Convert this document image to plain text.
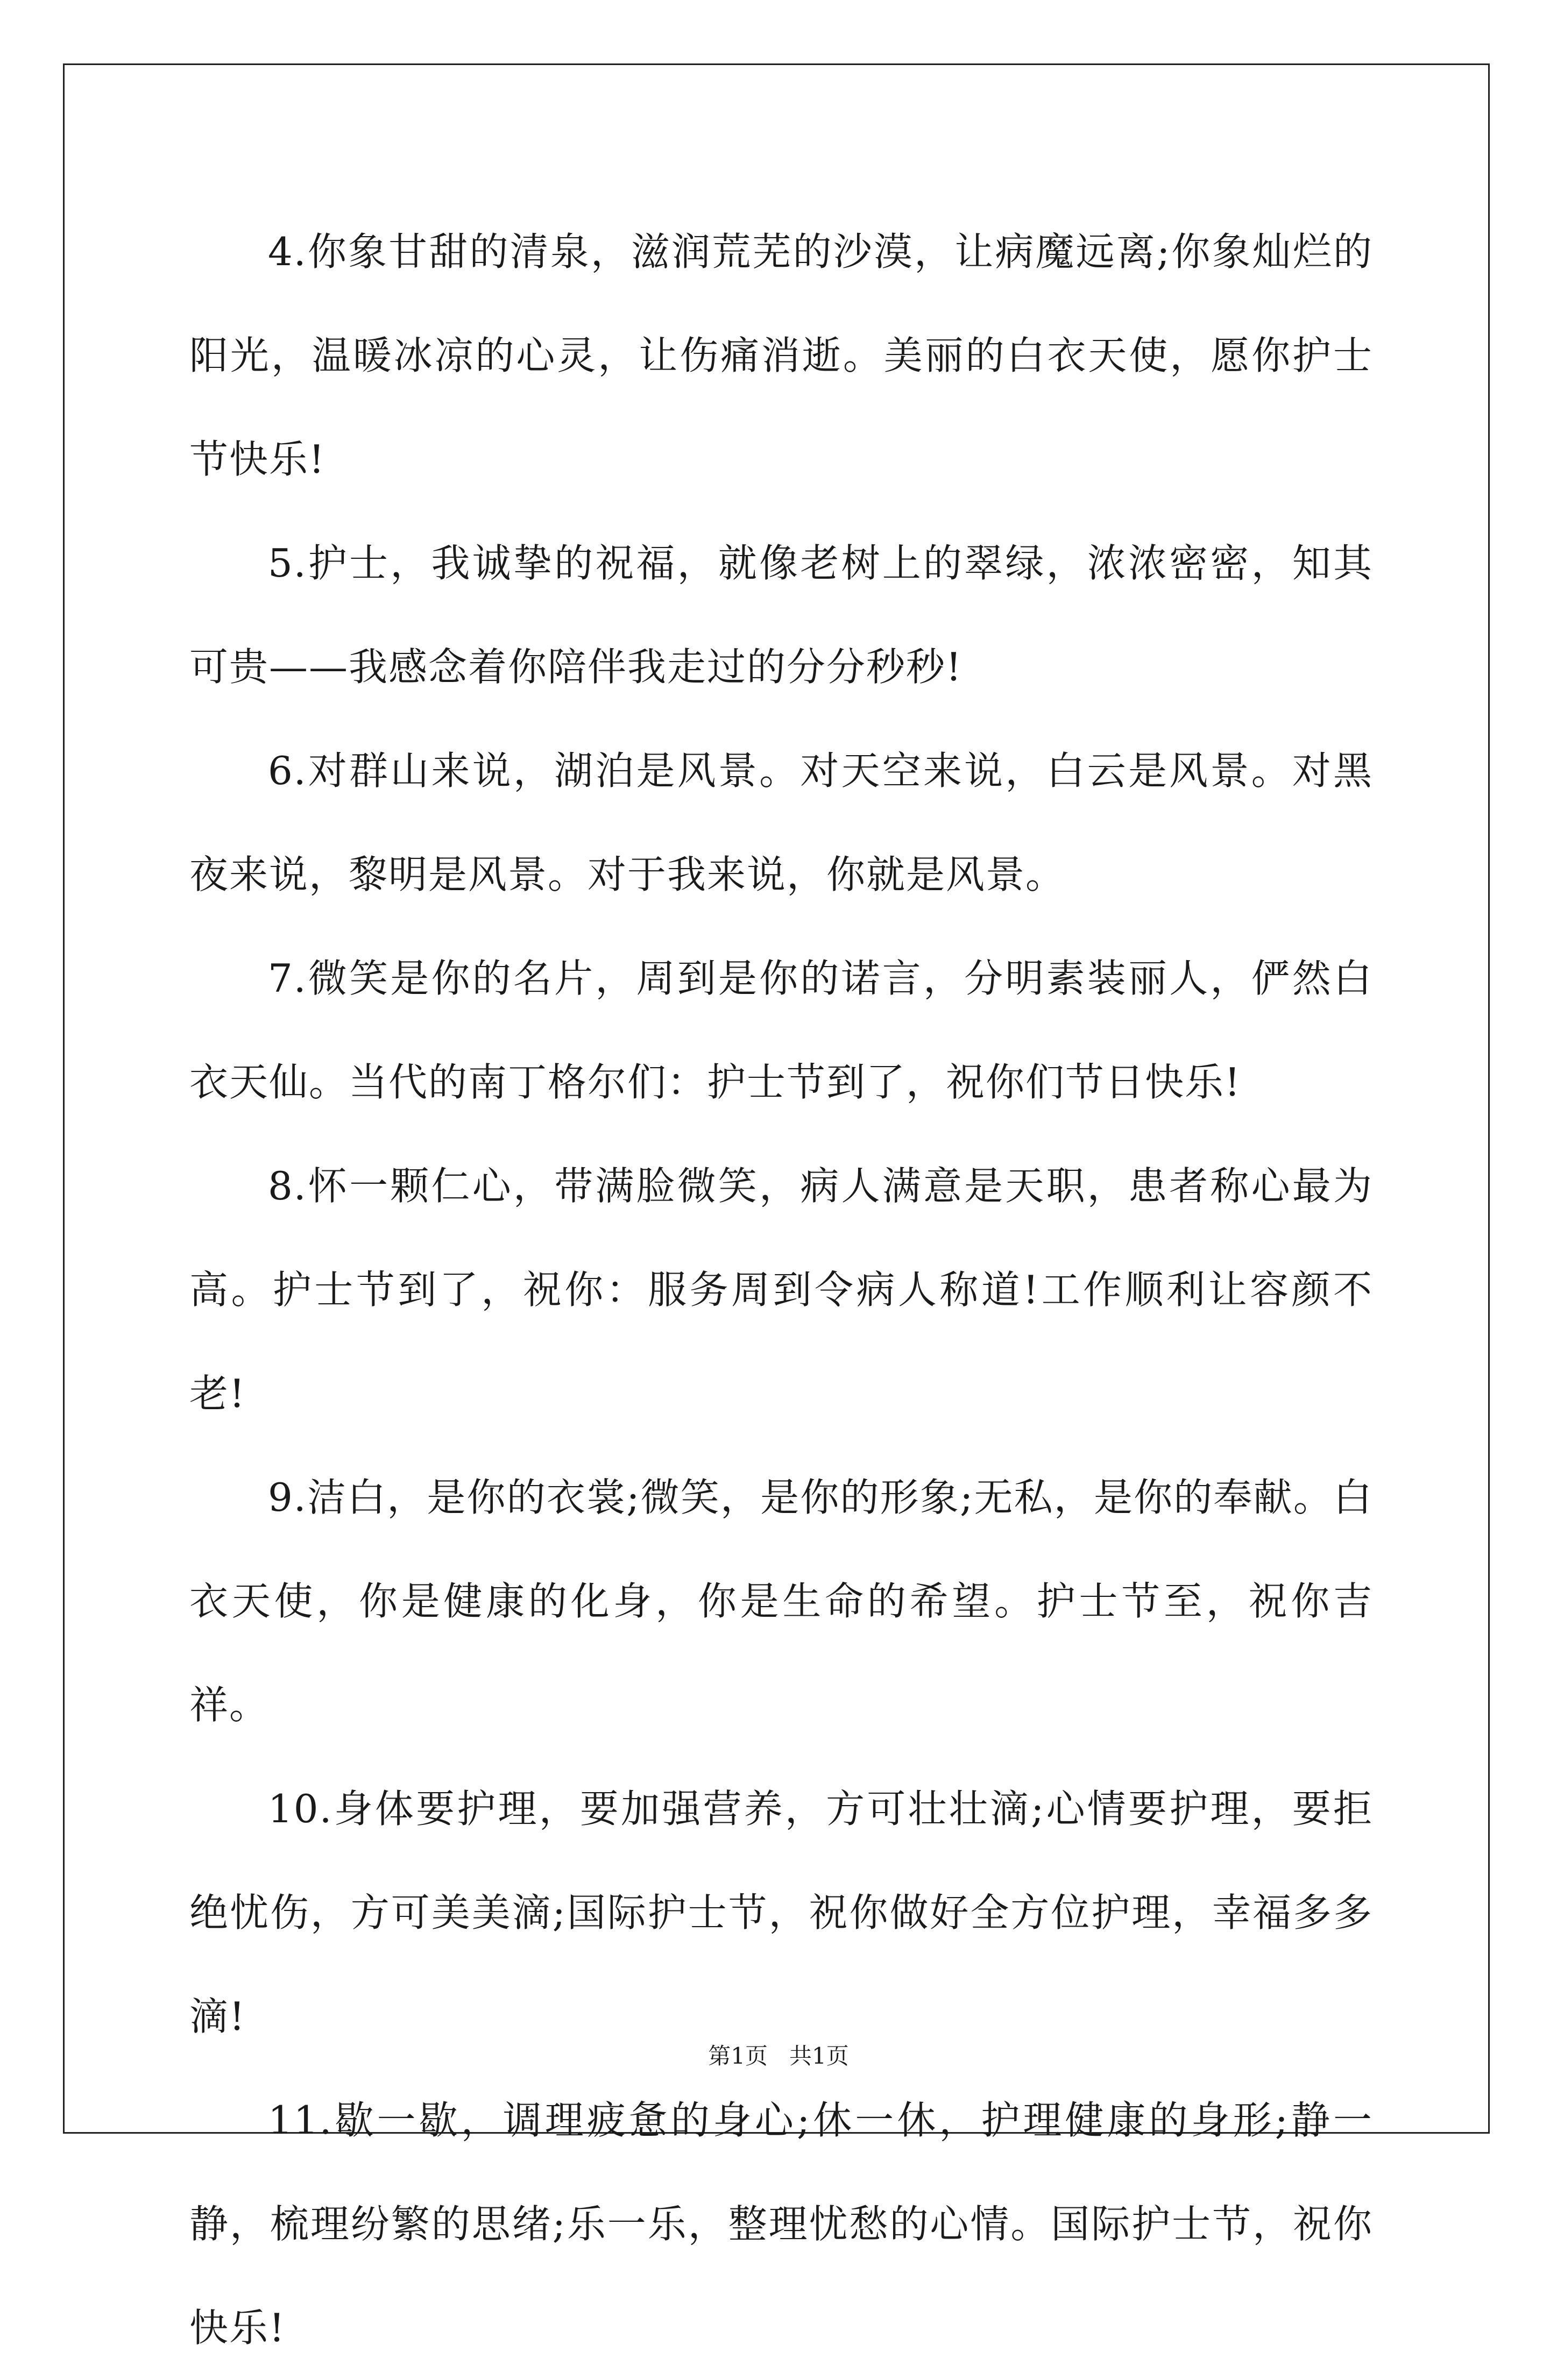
4.你象甘甜的清泉，滋润荒芜的沙漠，让病魔远离;你象灿烂的阳光，温暖冰凉的心灵，让伤痛消逝。美丽的白衣天使，愿你护士节快乐!

5.护士，我诚挚的祝福，就像老树上的翠绿，浓浓密密，知其可贵——我感念着你陪伴我走过的分分秒秒!

6.对群山来说，湖泊是风景。对天空来说，白云是风景。对黑夜来说，黎明是风景。对于我来说，你就是风景。

7.微笑是你的名片，周到是你的诺言，分明素装丽人，俨然白衣天仙。当代的南丁格尔们：护士节到了，祝你们节日快乐!

8.怀一颗仁心，带满脸微笑，病人满意是天职，患者称心最为高。护士节到了，祝你：服务周到令病人称道!工作顺利让容颜不老!

9.洁白，是你的衣裳;微笑，是你的形象;无私，是你的奉献。白衣天使，你是健康的化身，你是生命的希望。护士节至，祝你吉祥。

10.身体要护理，要加强营养，方可壮壮滴;心情要护理，要拒绝忧伤，方可美美滴;国际护士节，祝你做好全方位护理，幸福多多滴!

11.歇一歇，调理疲惫的身心;休一休，护理健康的身形;静一静，梳理纷繁的思绪;乐一乐，整理忧愁的心情。国际护士节，祝你快乐!

第1页   共1页
